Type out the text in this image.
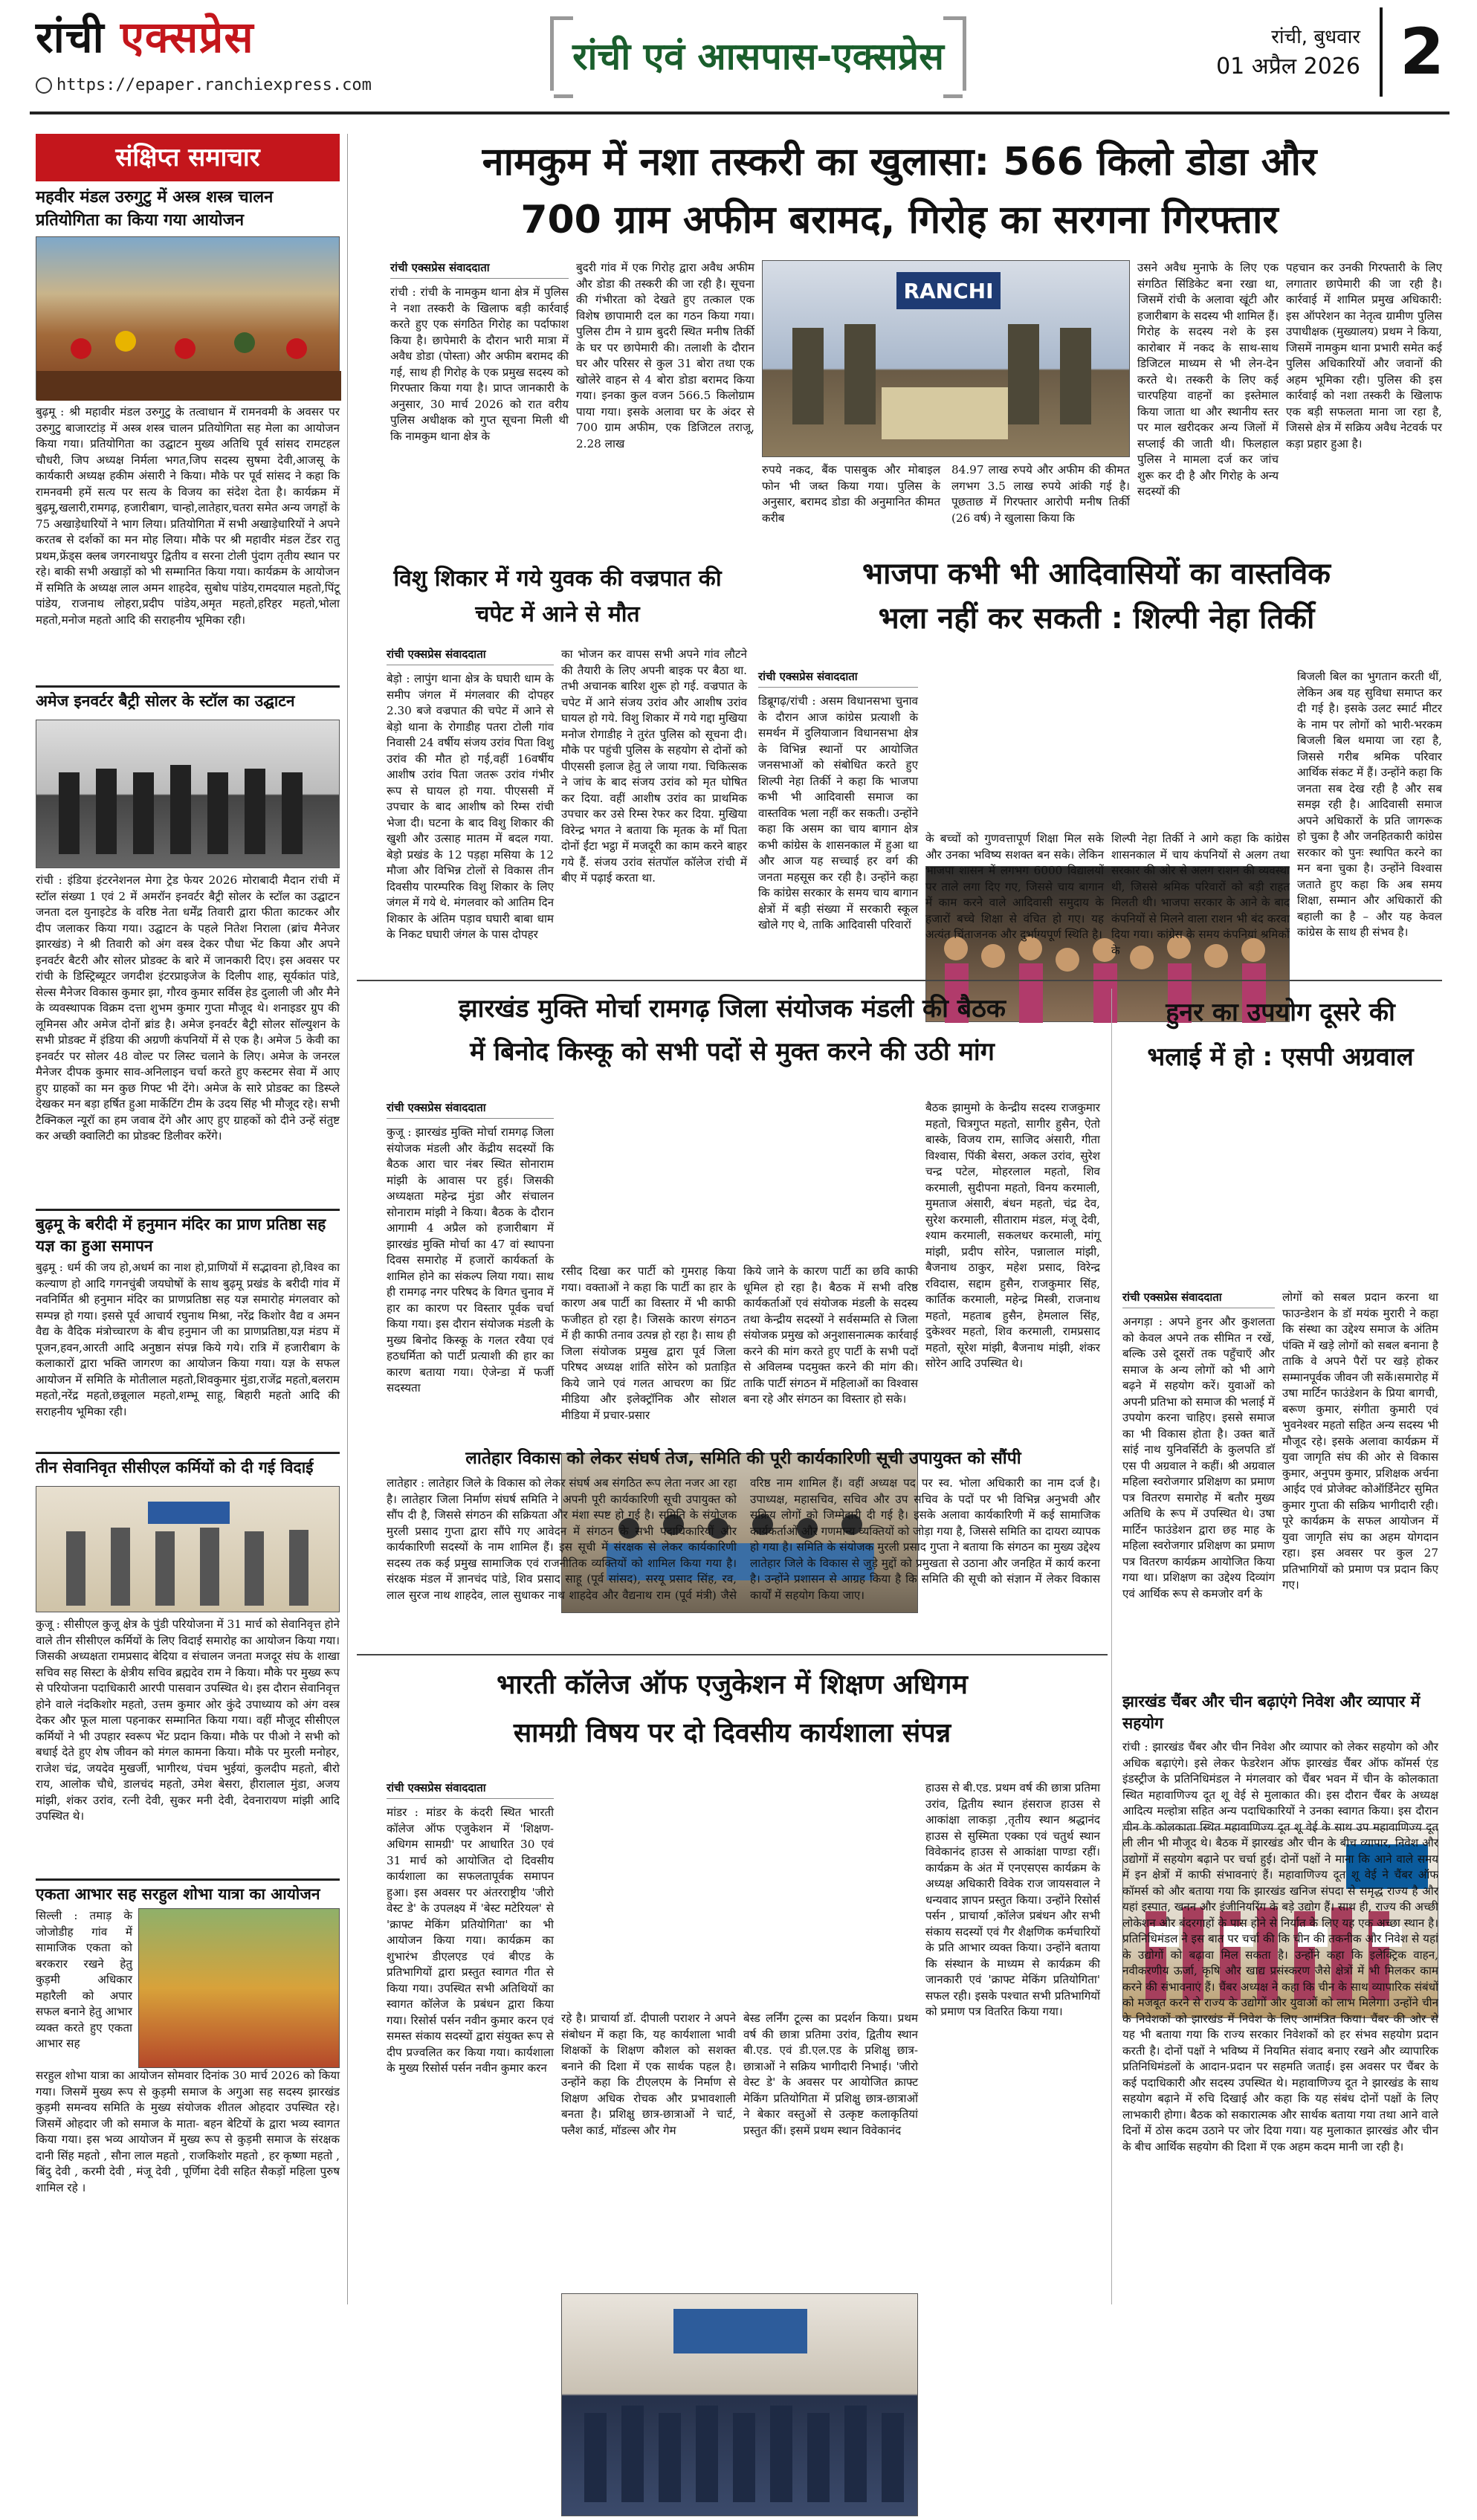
रांची एक्सप्रेस
https://epaper.ranchiexpress.com
रांची एवं आसपास-एक्सप्रेस	रांची, बुधवार
01 अप्रैल 2026 2
संक्षिप्त समाचार
महवीर मंडल उरुगुटु में अस्त्र शस्त्र चालन प्रतियोगिता का किया गया आयोजन
बुढ़मू : श्री महावीर मंडल उरुगुटु के तत्वाधान में रामनवमी के अवसर पर उरुगुटु बाजारटांड़ में अस्त्र शस्त्र चालन प्रतियोगिता सह मेला का आयोजन किया गया। प्रतियोगिता का उद्घाटन मुख्य अतिथि पूर्व सांसद रामटहल चौधरी, जिप अध्यक्ष निर्मला भगत,जिप सदस्य सुषमा देवी,आजसू के कार्यकारी अध्यक्ष हकीम अंसारी ने किया। मौके पर पूर्व सांसद ने कहा कि रामनवमी हमें सत्य पर सत्य के विजय का संदेश देता है। कार्यक्रम में बुढ़मू,खलारी,रामगढ़, हजारीबाग, चान्हो,लातेहार,चतरा समेत अन्य जगहों के 75 अखाड़ेधारियों ने भाग लिया। प्रतियोगिता में सभी अखाड़ेधारियों ने अपने करतब से दर्शकों का मन मोह लिया। मौके पर श्री महावीर मंडल टेंडर रातु प्रथम,फ्रेंड्स क्लब जगरनाथपुर द्वितीय व सरना टोली पुंदाग तृतीय स्थान पर रहे। बाकी सभी अखाड़ों को भी सम्मानित किया गया। कार्यक्रम के आयोजन में समिति के अध्यक्ष लाल अमन शाहदेव, सुबोध पांडेय,रामदयाल महतो,पिंटू पांडेय, राजनाथ लोहरा,प्रदीप पांडेय,अमृत महतो,हरिहर महतो,भोला महतो,मनोज महतो आदि की सराहनीय भूमिका रही।
अमेज इनवर्टर बैट्री सोलर के स्टॉल का उद्घाटन
रांची : इंडिया इंटरनेशनल मेगा ट्रेड फेयर 2026 मोराबादी मैदान रांची में स्टॉल संख्या 1 एवं 2 में अमरॉन इनवर्टर बैट्री सोलर के स्टॉल का उद्घाटन जनता दल युनाइटेड के वरिष्ठ नेता धर्मेंद्र तिवारी द्वारा फीता काटकर और दीप जलाकर किया गया। उद्घाटन के पहले नितेश निराला (ब्रांच मैनेजर झारखंड) ने श्री तिवारी को अंग वस्त्र देकर पौधा भेंट किया और अपने इनवर्टर बैटरी और सोलर प्रोडक्ट के बारे में जानकारी दिए। इस अवसर पर रांची के डिस्ट्रिब्यूटर जगदीश इंटरप्राइजेज के दिलीप शाह, सूर्यकांत पांडे, सेल्स मैनेजर विकास कुमार झा, गौरव कुमार सर्विस हेड दुलाली जी और मैने के व्यवस्थापक विक्रम दत्ता शुभम कुमार गुप्ता मौजूद थे। शनाइडर ग्रुप की लूमिनस और अमेज दोनों ब्रांड है। अमेज इनवर्टर बैट्री सोलर सॉल्युशन के सभी प्रोडक्ट में इंडिया की अग्रणी कंपनियों में से एक है। अमेज 5 केवी का इनवर्टर पर सोलर 48 वोल्ट पर लिस्ट चलाने के लिए। अमेज के जनरल मैनेजर दीपक कुमार साव-अनिलाइन चर्चा करते हुए कस्टमर सेवा में आए हुए ग्राहकों का मन कुछ गिफ्ट भी देंगे। अमेज के सारे प्रोडक्ट का डिस्प्ले देखकर मन बड़ा हर्षित हुआ मार्केटिंग टीम के उदय सिंह भी मौजूद रहे। सभी टैक्निकल न्यूरॉ का हम जवाब देंगे और आए हुए ग्राहकों को दीने उन्हें संतुष्ट कर अच्छी क्वालिटी का प्रोडक्ट डिलीवर करेंगे।
बुढ़मू के बरीदी में हनुमान मंदिर का प्राण प्रतिष्ठा सह यज्ञ का हुआ समापन
बुढ़मू : धर्म की जय हो,अधर्म का नाश हो,प्राणियों में सद्भावना हो,विश्व का कल्याण हो आदि गगनचुंबी जयघोषों के साथ बुढ़मू प्रखंड के बरीदी गांव में नवनिर्मित श्री हनुमान मंदिर का प्राणप्रतिष्ठा सह यज्ञ समारोह मंगलवार को सम्पन्न हो गया। इससे पूर्व आचार्य रघुनाथ मिश्रा, नरेंद्र किशोर वैद्य व अमन वैद्य के वैदिक मंत्रोच्चारण के बीच हनुमान जी का प्राणप्रतिष्ठा,यज्ञ मंडप में पूजन,हवन,आरती आदि अनुष्ठान संपन्न किये गये। रात्रि में हजारीबाग के कलाकारों द्वारा भक्ति जागरण का आयोजन किया गया। यज्ञ के सफल आयोजन में समिति के मोतीलाल महतो,शिवकुमार मुंडा,राजेंद्र महतो,बलराम महतो,नरेंद्र महतो,छन्नूलाल महतो,शम्भू साहू, बिहारी महतो आदि की सराहनीय भूमिका रही।
तीन सेवानिवृत सीसीएल कर्मियों को दी गई विदाई
कुजू : सीसीएल कुजू क्षेत्र के पुंडी परियोजना में 31 मार्च को सेवानिवृत्त होने वाले तीन सीसीएल कर्मियों के लिए विदाई समारोह का आयोजन किया गया। जिसकी अध्यक्षता रामप्रसाद बेदिया व संचालन जनता मजदूर संघ के शाखा सचिव सह सिस्टा के क्षेत्रीय सचिव ब्रह्मदेव राम ने किया। मौके पर मुख्य रूप से परियोजना पदाधिकारी आरपी पासवान उपस्थित थे। इस दौरान सेवानिवृत्त होने वाले नंदकिशोर महतो, उत्तम कुमार ओर कुंदे उपाध्याय को अंग वस्त्र देकर और फूल माला पहनाकर सम्मानित किया गया। वहीं मौजूद सीसीएल कर्मियों ने भी उपहार स्वरूप भेंट प्रदान किया। मौके पर पीओ ने सभी को बधाई देते हुए शेष जीवन को मंगल कामना किया। मौके पर मुरली मनोहर, राजेश चंद्र, जयदेव मुखर्जी, भागीरथ, पंचम भुईयां, कुलदीप महतो, बीरो राय, आलोक चौधे, डालचंद महतो, उमेश बेसरा, हीरालाल मुंडा, अजय मांझी, शंकर उरांव, रत्नी देवी, सुकर मनी देवी, देवनारायण मांझी आदि उपस्थित थे।
एकता आभार सह सरहुल शोभा यात्रा का आयोजन
सिल्ली : तमाड़ के जोजोडीह गांव में सामाजिक एकता को बरकरार रखने हेतु कुड़मी अधिकार महारैली को अपार सफल बनाने हेतु आभार व्यक्त करते हुए एकता आभार सह
सरहुल शोभा यात्रा का आयोजन सोमवार दिनांक 30 मार्च 2026 को किया गया। जिसमें मुख्य रूप से कुड़मी समाज के अगुआ सह सदस्य झारखंड कुड़मी समन्वय समिति के मुख्य संयोजक शीतल ओहदार उपस्थित रहे। जिसमें ओहदार जी को समाज के माता- बहन बेटियों के द्वारा भव्य स्वागत किया गया। इस भव्य आयोजन में मुख्य रूप से कुड़मी समाज के संरक्षक दानी सिंह महतो , सौना लाल महतो , राजकिशोर महतो , हर कृष्णा महतो , बिंदु देवी , करमी देवी , मंजू देवी , पूर्णिमा देवी सहित सैकड़ों महिला पुरुष शामिल रहे ।
नामकुम में नशा तस्करी का खुलासा: 566 किलो डोडा और
700 ग्राम अफीम बरामद, गिरोह का सरगना गिरफ्तार
रांची एक्सप्रेस संवाददाता
रांची : रांची के नामकुम थाना क्षेत्र में पुलिस ने नशा तस्करी के खिलाफ बड़ी कार्रवाई करते हुए एक संगठित गिरोह का पर्दाफाश किया है। छापेमारी के दौरान भारी मात्रा में अवैध डोडा (पोस्ता) और अफीम बरामद की गई, साथ ही गिरोह के एक प्रमुख सदस्य को गिरफ्तार किया गया है। प्राप्त जानकारी के अनुसार, 30 मार्च 2026 को रात वरीय पुलिस अधीक्षक को गुप्त सूचना मिली थी कि नामकुम थाना क्षेत्र के
बुदरी गांव में एक गिरोह द्वारा अवैध अफीम और डोडा की तस्करी की जा रही है। सूचना की गंभीरता को देखते हुए तत्काल एक विशेष छापामारी दल का गठन किया गया। पुलिस टीम ने ग्राम बुदरी स्थित मनीष तिर्की के घर पर छापेमारी की। तलाशी के दौरान घर और परिसर से कुल 31 बोरा तथा एक खोलेरे वाहन से 4 बोरा डोडा बरामद किया गया। इनका कुल वजन 566.5 किलोग्राम पाया गया। इसके अलावा घर के अंदर से 700 ग्राम अफीम, एक डिजिटल तराजू, 2.28 लाख
RANCHI
रुपये नकद, बैंक पासबुक और मोबाइल फोन भी जब्त किया गया। पुलिस के अनुसार, बरामद डोडा की अनुमानित कीमत करीब
84.97 लाख रुपये और अफीम की कीमत लगभग 3.5 लाख रुपये आंकी गई है। पूछताछ में गिरफ्तार आरोपी मनीष तिर्की (26 वर्ष) ने खुलासा किया कि
उसने अवैध मुनाफे के लिए एक संगठित सिंडिकेट बना रखा था, जिसमें रांची के अलावा खूंटी और हजारीबाग के सदस्य भी शामिल हैं। गिरोह के सदस्य नशे के इस कारोबार में नकद के साथ-साथ डिजिटल माध्यम से भी लेन-देन करते थे। तस्करी के लिए कई चारपहिया वाहनों का इस्तेमाल किया जाता था और स्थानीय स्तर पर माल खरीदकर अन्य जिलों में सप्लाई की जाती थी। फिलहाल पुलिस ने मामला दर्ज कर जांच शुरू कर दी है और गिरोह के अन्य सदस्यों की
पहचान कर उनकी गिरफ्तारी के लिए लगातार छापेमारी की जा रही है। कार्रवाई में शामिल प्रमुख अधिकारी: इस ऑपरेशन का नेतृत्व ग्रामीण पुलिस उपाधीक्षक (मुख्यालय) प्रथम ने किया, जिसमें नामकुम थाना प्रभारी समेत कई पुलिस अधिकारियों और जवानों की अहम भूमिका रही। पुलिस की इस कार्रवाई को नशा तस्करी के खिलाफ एक बड़ी सफलता माना जा रहा है, जिससे क्षेत्र में सक्रिय अवैध नेटवर्क पर कड़ा प्रहार हुआ है।
विशु शिकार में गये युवक की वज्रपात की चपेट में आने से मौत
रांची एक्सप्रेस संवाददाता
बेड़ो : लापुंग थाना क्षेत्र के घघारी धाम के समीप जंगल में मंगलवार की दोपहर 2.30 बजे वज्रपात की चपेट में आने से बेड़ो थाना के रोगाडीह पतरा टोली गांव निवासी 24 वर्षीय संजय उरांव पिता विशु उरांव की मौत हो गई,वहीं 16वर्षीय आशीष उरांव पिता जतरू उरांव गंभीर रूप से घायल हो गया. पीएससी में उपचार के बाद आशीष को रिम्स रांची भेजा दी। घटना के बाद विशु शिकार की खुशी और उत्साह मातम में बदल गया. बेड़ो प्रखंड के 12 पड़हा मसिया के 12 मौजा और विभिन्न टोलों से विकास तीन दिवसीय पारम्परिक विशु शिकार के लिए जंगल में गये थे. मंगलवार को आतिम दिन शिकार के अंतिम पड़ाव घघारी बाबा धाम के निकट घघारी जंगल के पास दोपहर
का भोजन कर वापस सभी अपने गांव लौटने की तैयारी के लिए अपनी बाइक पर बैठा था. तभी अचानक बारिश शुरू हो गई. वज्रपात के चपेट में आने संजय उरांव और आशीष उरांव घायल हो गये. विशु शिकार में गये गद्दा मुखिया मनोज रोगाडीह ने तुरंत पुलिस को सूचना दी। मौके पर पहुंची पुलिस के सहयोग से दोनों को पीएससी इलाज हेतु ले जाया गया. चिकित्सक ने जांच के बाद संजय उरांव को मृत घोषित कर दिया. वहीं आशीष उरांव का प्राथमिक उपचार कर उसे रिम्स रेफर कर दिया. मुखिया विरेन्द्र भगत ने बताया कि मृतक के माँ पिता दोनों ईंटा भट्ठा में मजदूरी का काम करने बाहर गये हैं. संजय उरांव संतपॉल कॉलेज रांची में बीए में पढ़ाई करता था.
भाजपा कभी भी आदिवासियों का वास्तविक
भला नहीं कर सकती : शिल्पी नेहा तिर्की
रांची एक्सप्रेस संवाददाता
डिब्रूगढ़/रांची : असम विधानसभा चुनाव के दौरान आज कांग्रेस प्रत्याशी के समर्थन में दुलियाजान विधानसभा क्षेत्र के विभिन्न स्थानों पर आयोजित जनसभाओं को संबोधित करते हुए शिल्पी नेहा तिर्की ने कहा कि भाजपा कभी भी आदिवासी समाज का वास्तविक भला नहीं कर सकती। उन्होंने कहा कि असम का चाय बागान क्षेत्र कभी कांग्रेस के शासनकाल में हुआ था और आज यह सच्चाई हर वर्ग की जनता महसूस कर रही है। उन्होंने कहा कि कांग्रेस सरकार के समय चाय बागान क्षेत्रों में बड़ी संख्या में सरकारी स्कूल खोले गए थे, ताकि आदिवासी परिवारों
के बच्चों को गुणवत्तापूर्ण शिक्षा मिल सके और उनका भविष्य सशक्त बन सके। लेकिन भाजपा शासन में लगभग 6000 विद्यालयों पर ताले लगा दिए गए, जिससे चाय बागान में काम करने वाले आदिवासी समुदाय के हजारों बच्चे शिक्षा से वंचित हो गए। यह अत्यंत चिंताजनक और दुर्भाग्यपूर्ण स्थिति है।
शिल्पी नेहा तिर्की ने आगे कहा कि कांग्रेस शासनकाल में चाय कंपनियों से अलग तथा सरकार की ओर से अलग राशन की व्यवस्था थी, जिससे श्रमिक परिवारों को बड़ी राहत मिलती थी। भाजपा सरकार के आने के बाद कंपनियों से मिलने वाला राशन भी बंद करवा दिया गया। कांग्रेस के समय कंपनियां श्रमिकों के
बिजली बिल का भुगतान करती थीं, लेकिन अब यह सुविधा समाप्त कर दी गई है। इसके उलट स्मार्ट मीटर के नाम पर लोगों को भारी-भरकम बिजली बिल थमाया जा रहा है, जिससे गरीब श्रमिक परिवार आर्थिक संकट में हैं। उन्होंने कहा कि जनता सब देख रही है और सब समझ रही है। आदिवासी समाज अपने अधिकारों के प्रति जागरूक हो चुका है और जनहितकारी कांग्रेस सरकार को पुनः स्थापित करने का मन बना चुका है। उन्होंने विश्वास जताते हुए कहा कि अब समय शिक्षा, सम्मान और अधिकारों की बहाली का है – और यह केवल कांग्रेस के साथ ही संभव है।
झारखंड मुक्ति मोर्चा रामगढ़ जिला संयोजक मंडली की बैठक
में बिनोद किस्कू को सभी पदों से मुक्त करने की उठी मांग
रांची एक्सप्रेस संवाददाता
कुजू : झारखंड मुक्ति मोर्चा रामगढ़ जिला संयोजक मंडली और केंद्रीय सदस्यों कि बैठक आरा चार नंबर स्थित सोनाराम मांझी के आवास पर हुई। जिसकी अध्यक्षता महेन्द्र मुंडा और संचालन सोनाराम मांझी ने किया। बैठक के दौरान आगामी 4 अप्रैल को हजारीबाग में झारखंड मुक्ति मोर्चा का 47 वां स्थापना दिवस समारोह में हजारों कार्यकर्ता के शामिल होने का संकल्प लिया गया। साथ ही रामगढ़ नगर परिषद के विगत चुनाव में हार का कारण पर विस्तार पूर्वक चर्चा किया गया। इस दौरान संयोजक मंडली के मुख्य बिनोद किस्कू के गलत रवैया एवं हठधर्मिता को पार्टी प्रत्याशी की हार का कारण बताया गया। ऐजेन्डा में फर्जी सदस्यता
रसीद दिखा कर पार्टी को गुमराह किया गया। वक्ताओं ने कहा कि पार्टी का हार के कारण अब पार्टी का विस्तार में भी काफी फजीहत हो रहा है। जिसके कारण संगठन में ही काफी तनाव उत्पन्न हो रहा है। साथ ही जिला संयोजक प्रमुख द्वारा पूर्व जिला परिषद अध्यक्ष शांति सोरेन को प्रताड़ित किये जाने एवं गलत आचरण का प्रिंट मीडिया और इलेक्ट्रॉनिक और सोशल मीडिया में प्रचार-प्रसार
किये जाने के कारण पार्टी का छवि काफी धूमिल हो रहा है। बैठक में सभी वरिष्ठ कार्यकर्ताओं एवं संयोजक मंडली के सदस्य तथा केन्द्रीय सदस्यों ने सर्वसम्मति से जिला संयोजक प्रमुख को अनुशासनात्मक कार्रवाई करने की मांग करते हुए पार्टी के सभी पदों से अविलम्ब पदमुक्त करने की मांग की। ताकि पार्टी संगठन में महिलाओं का विश्वास बना रहे और संगठन का विस्तार हो सके।
बैठक झामुमो के केन्द्रीय सदस्य राजकुमार महतो, चित्रगुप्त महतो, सागीर हुसैन, ऐतो बास्के, विजय राम, साजिद अंसारी, गीता विश्वास, पिंकी बेसरा, अकल उरांव, सुरेश चन्द्र पटेल, मोहरलाल महतो, शिव करमाली, सुदीपना महतो, विनय करमाली, मुमताज अंसारी, बंधन महतो, चंद्र देव, सुरेश करमाली, सीताराम मंडल, मंजू देवी, श्याम करमाली, सकलधर करमाली, मांगू मांझी, प्रदीप सोरेन, पन्नालाल मांझी, बैजनाथ ठाकुर, महेश प्रसाद, विरेन्द्र रविदास, सद्दाम हुसैन, राजकुमार सिंह, कार्तिक करमाली, महेन्द्र मिस्त्री, राजनाथ महतो, महताब हुसैन, हेमलाल सिंह, दुकेश्वर महतो, शिव करमाली, रामप्रसाद महतो, सूरेश मांझी, बैजनाथ मांझी, शंकर सोरेन आदि उपस्थित थे।
लातेहार विकास को लेकर संघर्ष तेज, समिति की पूरी कार्यकारिणी सूची उपायुक्त को सौंपी
लातेहार : लातेहार जिले के विकास को लेकर संघर्ष अब संगठित रूप लेता नजर आ रहा है। लातेहार जिला निर्माण संघर्ष समिति ने अपनी पूरी कार्यकारिणी सूची उपायुक्त को सौंप दी है, जिससे संगठन की सक्रियता और मंशा स्पष्ट हो गई है। समिति के संयोजक मुरली प्रसाद गुप्ता द्वारा सौंपे गए आवेदन में संगठन के सभी पदाधिकारियों और कार्यकारिणी सदस्यों के नाम शामिल हैं। इस सूची में संरक्षक से लेकर कार्यकारिणी सदस्य तक कई प्रमुख सामाजिक एवं राजनीतिक व्यक्तियों को शामिल किया गया है। संरक्षक मंडल में ज्ञानचंद पांडे, शिव प्रसाद साहू (पूर्व सांसद), सरयू प्रसाद सिंह, रव, लाल सुरज नाथ शाहदेव, लाल सुधाकर नाथ शाहदेव और वैद्यनाथ राम (पूर्व मंत्री) जैसे वरिष्ठ नाम शामिल हैं। वहीं अध्यक्ष पद पर स्व. भोला अधिकारी का नाम दर्ज है। उपाध्यक्ष, महासचिव, सचिव और उप सचिव के पदों पर भी विभिन्न अनुभवी और सक्रिय लोगों को जिम्मेदारी दी गई है। इसके अलावा कार्यकारिणी में कई सामाजिक कार्यकर्ताओं और गणमान्य व्यक्तियों को जोड़ा गया है, जिससे समिति का दायरा व्यापक हो गया है। समिति के संयोजक मुरली प्रसाद गुप्ता ने बताया कि संगठन का मुख्य उद्देश्य लातेहार जिले के विकास से जुड़े मुद्दों को प्रमुखता से उठाना और जनहित में कार्य करना है। उन्होंने प्रशासन से आग्रह किया है कि समिति की सूची को संज्ञान में लेकर विकास कार्यों में सहयोग किया जाए।
भारती कॉलेज ऑफ एजुकेशन में शिक्षण अधिगम
सामग्री विषय पर दो दिवसीय कार्यशाला संपन्न
रांची एक्सप्रेस संवाददाता
मांडर : मांडर के कंदरी स्थित भारती कॉलेज ऑफ एजुकेशन में 'शिक्षण-अधिगम सामग्री' पर आधारित 30 एवं 31 मार्च को आयोजित दो दिवसीय कार्यशाला का सफलतापूर्वक समापन हुआ। इस अवसर पर अंतरराष्ट्रीय 'जीरो वेस्ट डे' के उपलक्ष्य में 'बेस्ट मटेरियल' से 'क्राफ्ट मेकिंग प्रतियोगिता' का भी आयोजन किया गया। कार्यक्रम का शुभारंभ डीएलएड एवं बीएड के प्रतिभागियों द्वारा प्रस्तुत स्वागत गीत से किया गया। उपस्थित सभी अतिथियों का स्वागत कॉलेज के प्रबंधन द्वारा किया गया। रिसोर्स पर्सन नवीन कुमार करन एवं समस्त संकाय सदस्यों द्वारा संयुक्त रूप से दीप प्रज्वलित कर किया गया। कार्यशाला के मुख्य रिसोर्स पर्सन नवीन कुमार करन
रहे है। प्राचार्या डॉ. दीपाली पराशर ने अपने संबोधन में कहा कि, यह कार्यशाला भावी शिक्षकों के शिक्षण कौशल को सशक्त बनाने की दिशा में एक सार्थक पहल है। उन्होंने कहा कि टीएलएम के निर्माण से शिक्षण अधिक रोचक और प्रभावशाली बनता है। प्रशिक्षु छात्र-छात्राओं ने चार्ट, फ्लैश कार्ड, मॉडल्स और गेम
बेस्ड लर्निंग टूल्स का प्रदर्शन किया। प्रथम वर्ष की छात्रा प्रतिमा उरांव, द्वितीय स्थान बी.एड. एवं डी.एल.एड के प्रशिक्षु छात्र-छात्राओं ने सक्रिय भागीदारी निभाई। 'जीरो वेस्ट डे' के अवसर पर आयोजित क्राफ्ट मेकिंग प्रतियोगिता में प्रशिक्षु छात्र-छात्राओं ने बेकार वस्तुओं से उत्कृष्ट कलाकृतियां प्रस्तुत कीं। इसमें प्रथम स्थान विवेकानंद
हाउस से बी.एड. प्रथम वर्ष की छात्रा प्रतिमा उरांव, द्वितीय स्थान हंसराज हाउस से आकांक्षा लाकड़ा ,तृतीय स्थान श्रद्धानंद हाउस से सुस्मिता एक्का एवं चतुर्थ स्थान विवेकानंद हाउस से आकांक्षा पाण्डा रहीं। कार्यक्रम के अंत में एनएसएस कार्यक्रम के अध्यक्ष अधिकारी विवेक राज जायसवाल ने धन्यवाद ज्ञापन प्रस्तुत किया। उन्होंने रिसोर्स पर्सन , प्राचार्या ,कॉलेज प्रबंधन और सभी संकाय सदस्यों एवं गैर शैक्षणिक कर्मचारियों के प्रति आभार व्यक्त किया। उन्होंने बताया कि संस्थान के माध्यम से कार्यक्रम की जानकारी एवं 'क्राफ्ट मेकिंग प्रतियोगिता' सफल रही। इसके पश्चात सभी प्रतिभागियों को प्रमाण पत्र वितरित किया गया।
हुनर का उपयोग दूसरे की
भलाई में हो : एसपी अग्रवाल
रांची एक्सप्रेस संवाददाता
अनगड़ा : अपने हुनर और कुशलता को केवल अपने तक सीमित न रखें, बल्कि उसे दूसरों तक पहुँचाएँ और समाज के अन्य लोगों को भी आगे बढ़ने में सहयोग करें। युवाओं को अपनी प्रतिभा को समाज की भलाई में उपयोग करना चाहिए। इससे समाज का भी विकास होता है। उक्त बातें सांई नाथ युनिवर्सिटी के कुलपति डॉ एस पी अग्रवाल ने कहीं। श्री अग्रवाल महिला स्वरोजगार प्रशिक्षण का प्रमाण पत्र वितरण समारोह में बतौर मुख्य अतिथि के रूप में उपस्थित थे। उषा मार्टिन फाउंडेशन द्वारा छह माह के महिला स्वरोजगार प्रशिक्षण का प्रमाण पत्र वितरण कार्यक्रम आयोजित किया गया था। प्रशिक्षण का उद्देश्य दिव्यांग एवं आर्थिक रूप से कमजोर वर्ग के
लोगों को सबल प्रदान करना था फाउन्डेशन के डॉ मयंक मुरारी ने कहा कि संस्था का उद्देश्य समाज के अंतिम पंक्ति में खड़े लोगों को सबल बनाना है ताकि वे अपने पैरों पर खड़े होकर सम्मानपूर्वक जीवन जी सकें।समारोह में उषा मार्टिन फाउंडेशन के प्रिया बागची, बरूण कुमार, संगीता कुमारी एवं भुवनेश्वर महतो सहित अन्य सदस्य भी मौजूद रहे। इसके अलावा कार्यक्रम में युवा जागृति संघ की ओर से विकास कुमार, अनुपम कुमार, प्रशिक्षक अर्चना आईद एवं प्रोजेक्ट कोऑर्डिनेटर सुमित कुमार गुप्ता की सक्रिय भागीदारी रही। पूरे कार्यक्रम के सफल आयोजन में युवा जागृति संघ का अहम योगदान रहा। इस अवसर पर कुल 27 प्रतिभागियों को प्रमाण पत्र प्रदान किए गए।
झारखंड चैंबर और चीन बढ़ाएंगे निवेश और व्यापार में सहयोग
रांची : झारखंड चैंबर और चीन निवेश और व्यापार को लेकर सहयोग को और अधिक बढ़ाएंगे। इसे लेकर फेडरेशन ऑफ झारखंड चैंबर ऑफ कॉमर्स एंड इंडस्ट्रीज के प्रतिनिधिमंडल ने मंगलवार को चैंबर भवन में चीन के कोलकाता स्थित महावाणिज्य दूत शू वेई से मुलाकात की। इस दौरान चैंबर के अध्यक्ष आदित्य मल्होत्रा सहित अन्य पदाधिकारियों ने उनका स्वागत किया। इस दौरान चीन के कोलकाता स्थित महावाणिज्य दूत शू वेई के साथ उप महावाणिज्य दूत ली लीन भी मौजूद थे। बैठक में झारखंड और चीन के बीच व्यापार, निवेश और उद्योगों में सहयोग बढ़ाने पर चर्चा हुई। दोनों पक्षों ने माना कि आने वाले समय में इन क्षेत्रों में काफी संभावनाएं हैं। महावाणिज्य दूत शू वेई ने चैंबर ऑफ कॉमर्स को और बताया गया कि झारखंड खनिज संपदा से समृद्ध राज्य है और यहां इस्पात, खनन और इंजीनियरिंग के बड़े उद्योग हैं। साथ ही, राज्य की अच्छी लोकेशन और बंदरगाहों के पास होने से निर्यात के लिए यह एक अच्छा स्थान है। प्रतिनिधिमंडल ने इस बात पर चर्चा की कि चीन की तकनीक और निवेश से यहां के उद्योगों को बढ़ावा मिल सकता है। उन्होंने कहा कि इलेक्ट्रिक वाहन, नवीकरणीय ऊर्जा, कृषि और खाद्य प्रसंस्करण जैसे क्षेत्रों में भी मिलकर काम करने की संभावनाएं हैं। चैंबर अध्यक्ष ने कहा कि चीन के साथ व्यापारिक संबंधों को मजबूत करने से राज्य के उद्योगों और युवाओं को लाभ मिलेगा। उन्होंने चीन के निवेशकों को झारखंड में निवेश के लिए आमंत्रित किया। चैंबर की ओर से यह भी बताया गया कि राज्य सरकार निवेशकों को हर संभव सहयोग प्रदान करती है। दोनों पक्षों ने भविष्य में नियमित संवाद बनाए रखने और व्यापारिक प्रतिनिधिमंडलों के आदान-प्रदान पर सहमति जताई। इस अवसर पर चैंबर के कई पदाधिकारी और सदस्य उपस्थित थे। महावाणिज्य दूत ने झारखंड के साथ सहयोग बढ़ाने में रुचि दिखाई और कहा कि यह संबंध दोनों पक्षों के लिए लाभकारी होगा। बैठक को सकारात्मक और सार्थक बताया गया तथा आने वाले दिनों में ठोस कदम उठाने पर जोर दिया गया। यह मुलाकात झारखंड और चीन के बीच आर्थिक सहयोग की दिशा में एक अहम कदम मानी जा रही है।
